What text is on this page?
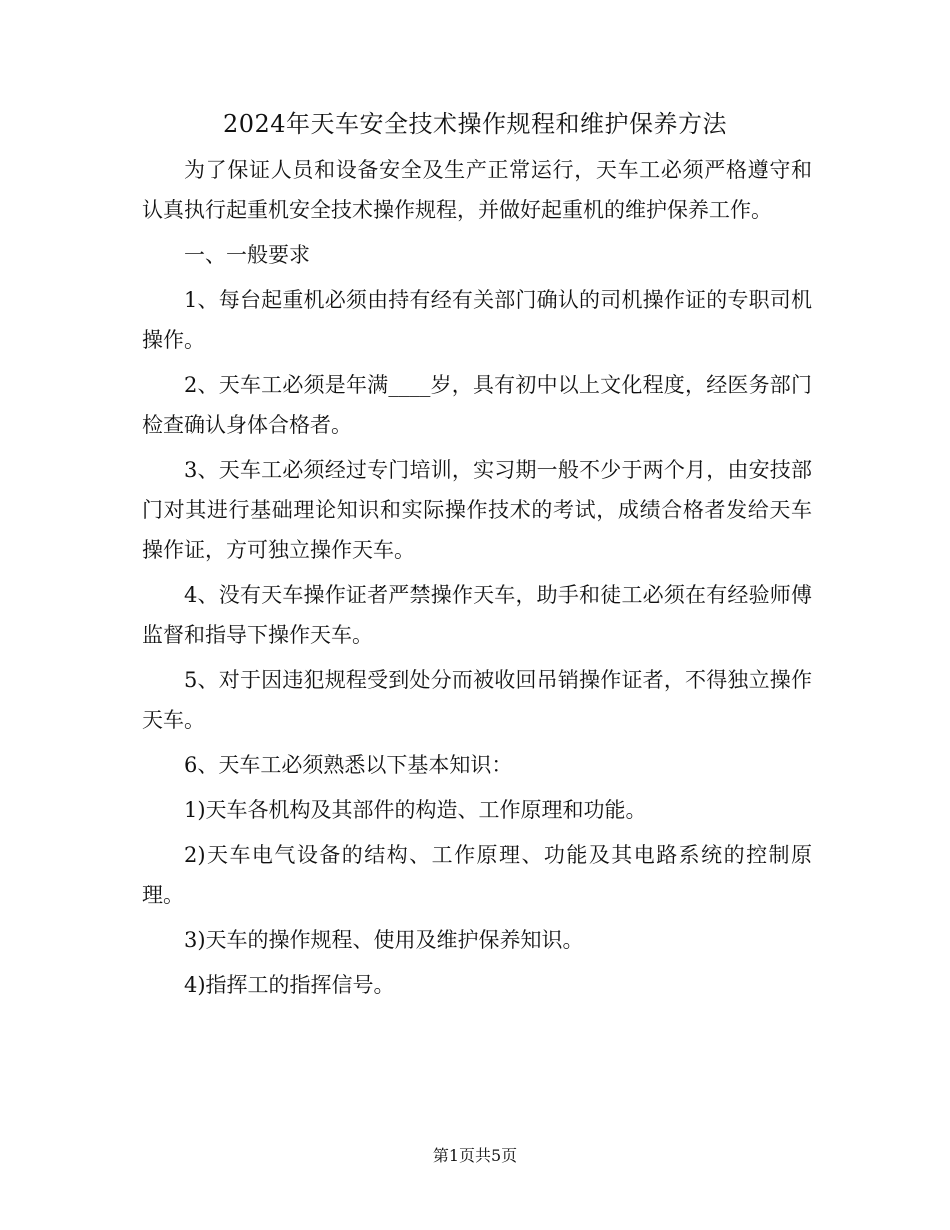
2024年天车安全技术操作规程和维护保养方法

为了保证人员和设备安全及生产正常运行，天车工必须严格遵守和认真执行起重机安全技术操作规程，并做好起重机的维护保养工作。

一、一般要求

1、每台起重机必须由持有经有关部门确认的司机操作证的专职司机操作。

2、天车工必须是年满____岁，具有初中以上文化程度，经医务部门检查确认身体合格者。

3、天车工必须经过专门培训，实习期一般不少于两个月，由安技部门对其进行基础理论知识和实际操作技术的考试，成绩合格者发给天车操作证，方可独立操作天车。

4、没有天车操作证者严禁操作天车，助手和徒工必须在有经验师傅监督和指导下操作天车。

5、对于因违犯规程受到处分而被收回吊销操作证者，不得独立操作天车。

6、天车工必须熟悉以下基本知识：

1)天车各机构及其部件的构造、工作原理和功能。

2)天车电气设备的结构、工作原理、功能及其电路系统的控制原理。

3)天车的操作规程、使用及维护保养知识。

4)指挥工的指挥信号。

第1页共5页
